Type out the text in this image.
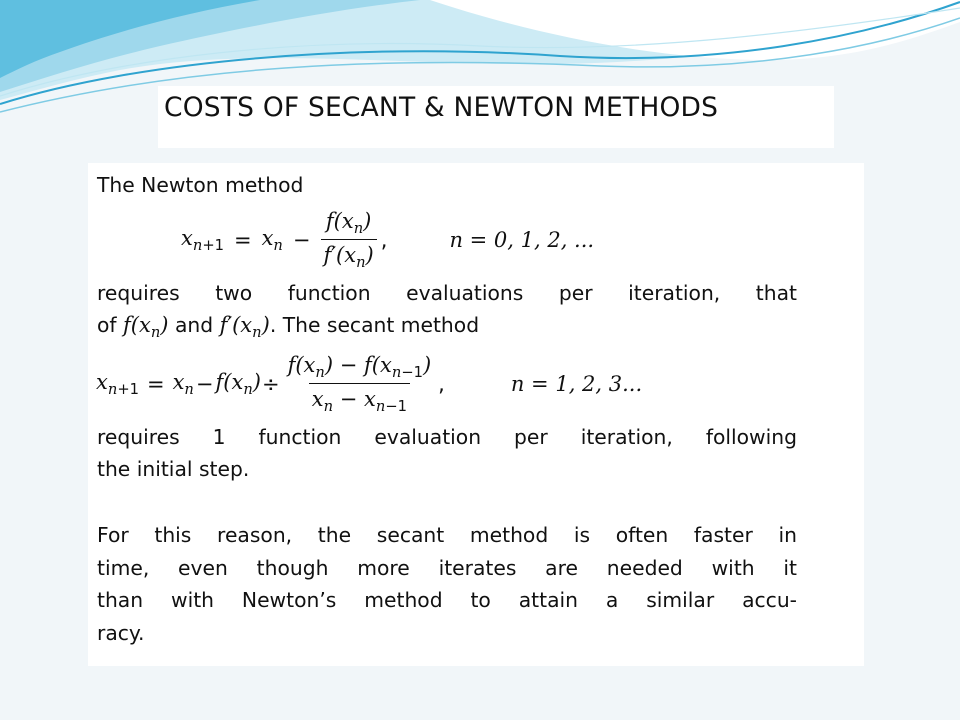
COSTS OF SECANT & NEWTON METHODS

The Newton method

$x_{n+1} = x_n - \frac{f(x_n)}{f'(x_n)}$ ,	n = 0, 1, 2, ...

requires two function evaluations per iteration, that

of $f(x_n)$ and $f'(x_n)$. The secant method

$x_{n+1} = x_n - f(x_n) \div \frac{f(x_n) - f(x_{n-1})}{x_n - x_{n-1}}$ ,	n = 1, 2, 3...

requires 1 function evaluation per iteration, following

the initial step.

For this reason, the secant method is often faster in

time, even though more iterates are needed with it

than with Newton’s method to attain a similar accu-

racy.
